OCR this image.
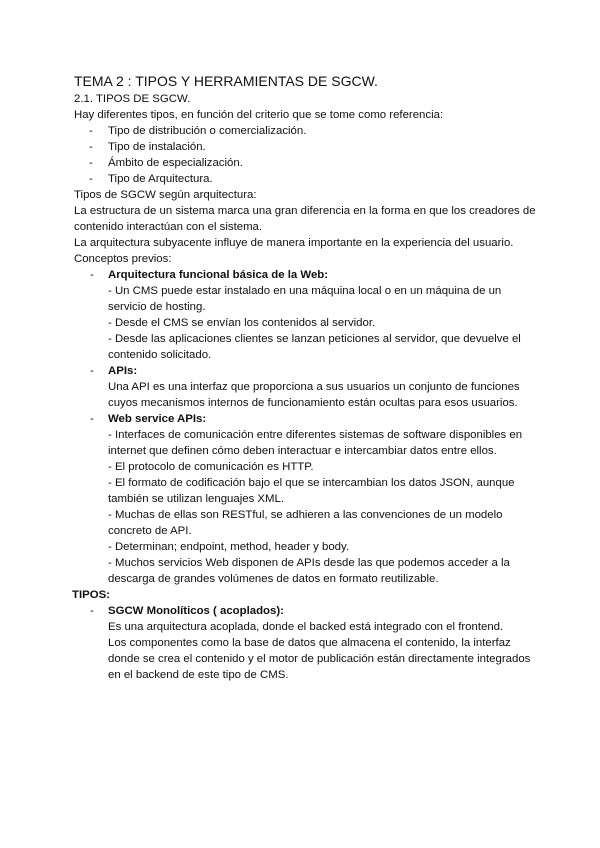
TEMA 2 : TIPOS Y HERRAMIENTAS DE SGCW.

2.1. TIPOS DE SGCW.

Hay diferentes tipos, en función del criterio que se tome como referencia:

- Tipo de distribución o comercialización.
- Tipo de instalación.
- Ámbito de especialización.
- Tipo de Arquitectura.

Tipos de SGCW según arquitectura:

La estructura de un sistema marca una gran diferencia en la forma en que los creadores de contenido interactúan con el sistema.

La arquitectura subyacente influye de manera importante en la experiencia del usuario.

Conceptos previos:

- Arquitectura funcional básica de la Web:

- Un CMS puede estar instalado en una máquina local o en un máquina de un servicio de hosting.

- Desde el CMS se envían los contenidos al servidor.

- Desde las aplicaciones clientes se lanzan peticiones al servidor, que devuelve el contenido solicitado.

- APIs:

Una API es una interfaz que proporciona a sus usuarios un conjunto de funciones cuyos mecanismos internos de funcionamiento están ocultas para esos usuarios.

- Web service APIs:

- Interfaces de comunicación entre diferentes sistemas de software disponibles en internet que definen cómo deben interactuar e intercambiar datos entre ellos.

- El protocolo de comunicación es HTTP.

- El formato de codificación bajo el que se intercambian los datos JSON, aunque también se utilizan lenguajes XML.

- Muchas de ellas son RESTful, se adhieren a las convenciones de un modelo concreto de API.

- Determinan; endpoint, method, header y body.

- Muchos servicios Web disponen de APIs desde las que podemos acceder a la descarga de grandes volúmenes de datos en formato reutilizable.

TIPOS:

- SGCW Monolíticos ( acoplados):

Es una arquitectura acoplada, donde el backed está integrado con el frontend.

Los componentes como la base de datos que almacena el contenido, la interfaz donde se crea el contenido y el motor de publicación están directamente integrados en el backend de este tipo de CMS.
